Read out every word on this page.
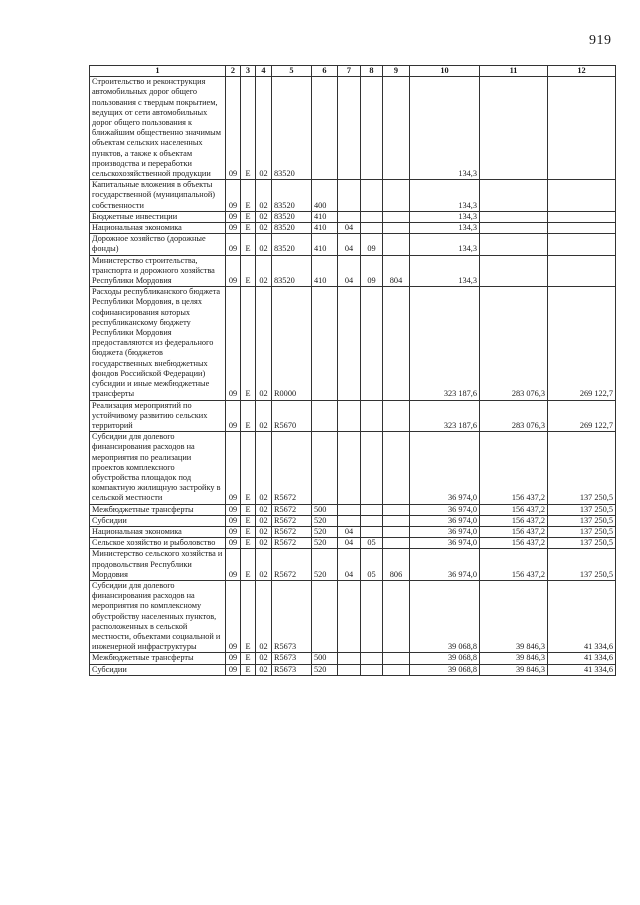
919
1	2	3	4	5	6	7	8	9	10	11	12
Строительство и реконструкция автомобильных дорог общего пользования с твердым покрытием, ведущих от сети автомобильных дорог общего пользования к ближайшим общественно значимым объектам сельских населенных пунктов, а также к объектам производства и переработки сельскохозяйственной продукции	09	Е	02	83520					134,3		
Капитальные вложения в объекты государственной (муниципальной) собственности	09	Е	02	83520	400				134,3		
Бюджетные инвестиции	09	Е	02	83520	410				134,3		
Национальная экономика	09	Е	02	83520	410	04			134,3		
Дорожное хозяйство (дорожные фонды)	09	Е	02	83520	410	04	09		134,3		
Министерство строительства, транспорта и дорожного хозяйства Республики Мордовия	09	Е	02	83520	410	04	09	804	134,3		
Расходы республиканского бюджета Республики Мордовия, в целях софинансирования которых республиканскому бюджету Республики Мордовия предоставляются из федерального бюджета (бюджетов государственных внебюджетных фондов Российской Федерации) субсидии и иные межбюджетные трансферты	09	Е	02	R0000					323 187,6	283 076,3	269 122,7
Реализация мероприятий по устойчивому развитию сельских территорий	09	Е	02	R5670					323 187,6	283 076,3	269 122,7
Субсидии для долевого финансирования расходов на мероприятия по реализации проектов комплексного обустройства площадок под компактную жилищную застройку в сельской местности	09	Е	02	R5672					36 974,0	156 437,2	137 250,5
Межбюджетные трансферты	09	Е	02	R5672	500				36 974,0	156 437,2	137 250,5
Субсидии	09	Е	02	R5672	520				36 974,0	156 437,2	137 250,5
Национальная экономика	09	Е	02	R5672	520	04			36 974,0	156 437,2	137 250,5
Сельское хозяйство и рыболовство	09	Е	02	R5672	520	04	05		36 974,0	156 437,2	137 250,5
Министерство сельского хозяйства и продовольствия Республики Мордовия	09	Е	02	R5672	520	04	05	806	36 974,0	156 437,2	137 250,5
Субсидии для долевого финансирования расходов на мероприятия по комплексному обустройству населенных пунктов, расположенных в сельской местности, объектами социальной и инженерной инфраструктуры	09	Е	02	R5673					39 068,8	39 846,3	41 334,6
Межбюджетные трансферты	09	Е	02	R5673	500				39 068,8	39 846,3	41 334,6
Субсидии	09	Е	02	R5673	520				39 068,8	39 846,3	41 334,6
